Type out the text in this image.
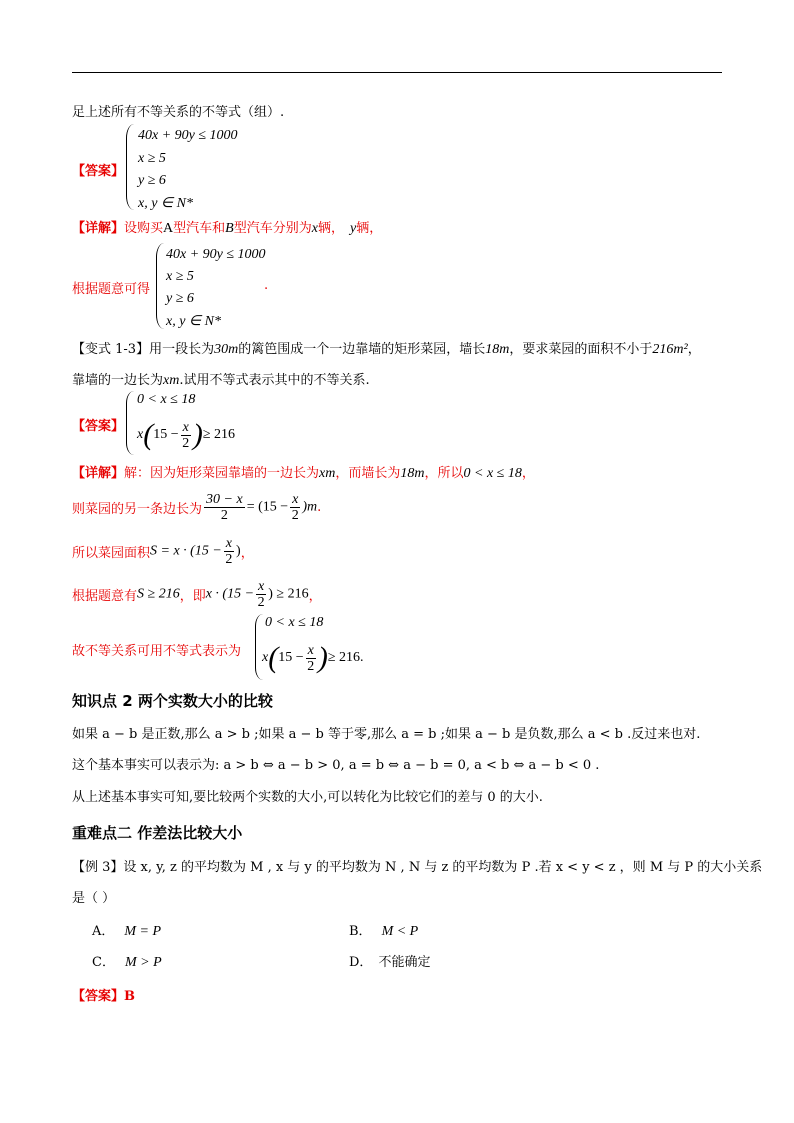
足上述所有不等关系的不等式（组）.
【答案】
40x + 90y ≤ 1000
x ≥ 5
y ≥ 6
x, y ∈ N*
【详解】设购买A型汽车和B型汽车分别为x辆， y辆，
根据题意可得
40x + 90y ≤ 1000
x ≥ 5
y ≥ 6
x, y ∈ N*
.
【变式 1-3】用一段长为30m的篱笆围成一个一边靠墙的矩形菜园，墙长18m，要求菜园的面积不小于216m²，
靠墙的一边长为xm.试用不等式表示其中的不等关系.
【答案】
0 < x ≤ 18
$x(15 - \frac{x}{2}$ )≥ 216
【详解】解：因为矩形菜园靠墙的一边长为xm，而墙长为18m，所以0 < x ≤ 18，
则菜园的另一条边长为 $\frac{30 - x}{2} = (15 - \frac{x}{2} )m$.
所以菜园面积$S = x \cdot (15 - \frac{x}{2}$ )，
根据题意有S ≥ 216，即$x \cdot (15 - \frac{x}{2}$ ) ≥ 216，
故不等关系可用不等式表示为
0 < x ≤ 18
$x(15 - \frac{x}{2}$ )≥ 216.
知识点 2 两个实数大小的比较
如果 a − b 是正数,那么 a > b ;如果 a − b 等于零,那么 a = b ;如果 a − b 是负数,那么 a < b .反过来也对.
这个基本事实可以表示为: a > b ⇔ a − b > 0, a = b ⇔ a − b = 0, a < b ⇔ a − b < 0 .
从上述基本事实可知,要比较两个实数的大小,可以转化为比较它们的差与 0 的大小.
重难点二 作差法比较大小
【例 3】设 x, y, z 的平均数为 M , x 与 y 的平均数为 N , N 与 z 的平均数为 P .若 x < y < z ，则 M 与 P 的大小关系
是（ ）
A． M = P	B． M < P
C． M > P	D． 不能确定
【答案】B
